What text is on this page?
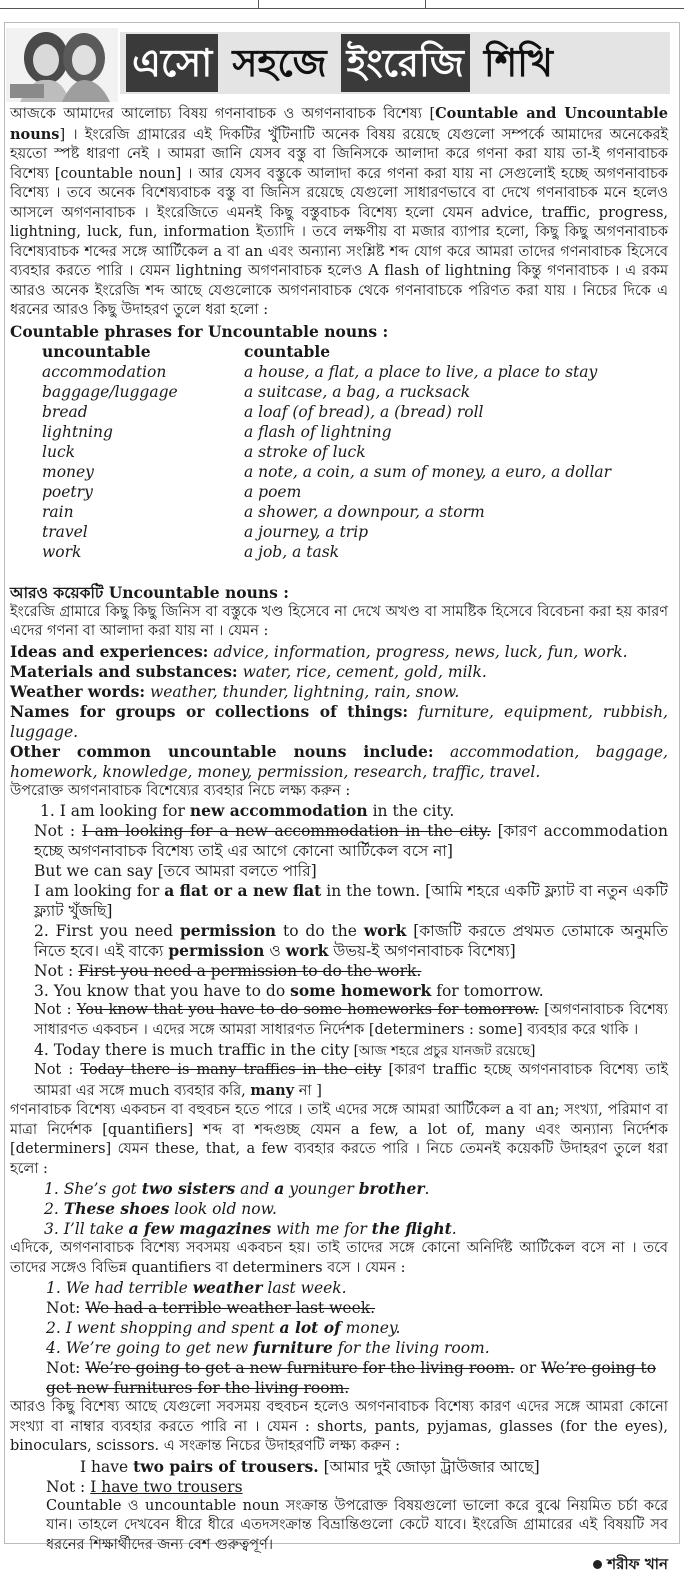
এসো সহজে ইংরেজি শিখি

আজকে আমাদের আলোচ্য বিষয় গণনাবাচক ও অগণনাবাচক বিশেষ্য [Countable and Uncountable nouns] । ইংরেজি গ্রামারের এই দিকটির খুঁটিনাটি অনেক বিষয় রয়েছে যেগুলো সম্পর্কে আমাদের অনেকেরই হয়তো স্পষ্ট ধারণা নেই । আমরা জানি যেসব বস্তু বা জিনিসকে আলাদা করে গণনা করা যায় তা-ই গণনাবাচক বিশেষ্য [countable noun] । আর যেসব বস্তুকে আলাদা করে গণনা করা যায় না সেগুলোই হচ্ছে অগণনাবাচক বিশেষ্য । তবে অনেক বিশেষ্যবাচক বস্তু বা জিনিস রয়েছে যেগুলো সাধারণভাবে বা দেখে গণনাবাচক মনে হলেও আসলে অগণনাবাচক । ইংরেজিতে এমনই কিছু বস্তুবাচক বিশেষ্য হলো যেমন advice, traffic, progress, lightning, luck, fun, information ইত্যাদি । তবে লক্ষণীয় বা মজার ব্যাপার হলো, কিছু কিছু অগণনাবাচক বিশেষ্যবাচক শব্দের সঙ্গে আর্টিকেল a বা an এবং অন্যান্য সংশ্লিষ্ট শব্দ যোগ করে আমরা তাদের গণনাবাচক হিসেবে ব্যবহার করতে পারি । যেমন lightning অগণনাবাচক হলেও A flash of lightning কিন্তু গণনাবাচক । এ রকম আরও অনেক ইংরেজি শব্দ আছে যেগুলোকে অগণনাবাচক থেকে গণনাবাচকে পরিণত করা যায় । নিচের দিকে এ ধরনের আরও কিছু উদাহরণ তুলে ধরা হলো :

Countable phrases for Uncountable nouns :
uncountable	countable
accommodation	a house, a flat, a place to live, a place to stay
baggage/luggage	a suitcase, a bag, a rucksack
bread	a loaf (of bread), a (bread) roll
lightning	a flash of lightning
luck	a stroke of luck
money	a note, a coin, a sum of money, a euro, a dollar
poetry	a poem
rain	a shower, a downpour, a storm
travel	a journey, a trip
work	a job, a task
আরও কয়েকটি Uncountable nouns :

ইংরেজি গ্রামারে কিছু কিছু জিনিস বা বস্তুকে খণ্ড হিসেবে না দেখে অখণ্ড বা সামষ্টিক হিসেবে বিবেচনা করা হয় কারণ এদের গণনা বা আলাদা করা যায় না । যেমন :

Ideas and experiences: advice, information, progress, news, luck, fun, work.

Materials and substances: water, rice, cement, gold, milk.

Weather words: weather, thunder, lightning, rain, snow.

Names for groups or collections of things: furniture, equipment, rubbish, luggage.

Other common uncountable nouns include: accommodation, baggage, homework, knowledge, money, permission, research, traffic, travel.

উপরোক্ত অগণনাবাচক বিশেষ্যের ব্যবহার নিচে লক্ষ্য করুন :

1. I am looking for new accommodation in the city.

Not : I am looking for a new accommodation in the city. [কারণ accommodation হচ্ছে অগণনাবাচক বিশেষ্য তাই এর আগে কোনো আর্টিকেল বসে না]

But we can say [তবে আমরা বলতে পারি]

I am looking for a flat or a new flat in the town. [আমি শহরে একটি ফ্ল্যাট বা নতুন একটি ফ্ল্যাট খুঁজছি]

2. First you need permission to do the work [কাজটি করতে প্রথমত তোমাকে অনুমতি নিতে হবে। এই বাক্যে permission ও work উভয়-ই অগণনাবাচক বিশেষ্য]

Not : First you need a permission to do the work.

3. You know that you have to do some homework for tomorrow.

Not : You know that you have to do some homeworks for tomorrow. [অগণনাবাচক বিশেষ্য সাধারণত একবচন । এদের সঙ্গে আমরা সাধারণত নির্দেশক [determiners : some] ব্যবহার করে থাকি ।

4. Today there is much traffic in the city [আজ শহরে প্রচুর যানজট রয়েছে]

Not : Today there is many traffics in the city [কারণ traffic হচ্ছে অগণনাবাচক বিশেষ্য তাই আমরা এর সঙ্গে much ব্যবহার করি, many না ]

গণনাবাচক বিশেষ্য একবচন বা বহুবচন হতে পারে । তাই এদের সঙ্গে আমরা আর্টিকেল a বা an; সংখ্যা, পরিমাণ বা মাত্রা নির্দেশক [quantifiers] শব্দ বা শব্দগুচ্ছ যেমন a few, a lot of, many এবং অন্যান্য নির্দেশক [determiners] যেমন these, that, a few ব্যবহার করতে পারি । নিচে তেমনই কয়েকটি উদাহরণ তুলে ধরা হলো :

1. She’s got two sisters and a younger brother.

2. These shoes look old now.

3. I’ll take a few magazines with me for the flight.

এদিকে, অগণনাবাচক বিশেষ্য সবসময় একবচন হয়। তাই তাদের সঙ্গে কোনো অনির্দিষ্ট আর্টিকেল বসে না । তবে তাদের সঙ্গেও বিভিন্ন quantifiers বা determiners বসে । যেমন :

1. We had terrible weather last week.

Not: We had a terrible weather last week.

2. I went shopping and spent a lot of money.

4. We’re going to get new furniture for the living room.

Not: We’re going to get a new furniture for the living room. or We’re going to get new furnitures for the living room.

আরও কিছু বিশেষ্য আছে যেগুলো সবসময় বহুবচন হলেও অগণনাবাচক বিশেষ্য কারণ এদের সঙ্গে আমরা কোনো সংখ্যা বা নাম্বার ব্যবহার করতে পারি না । যেমন : shorts, pants, pyjamas, glasses (for the eyes), binoculars, scissors. এ সংক্রান্ত নিচের উদাহরণটি লক্ষ্য করুন :

I have two pairs of trousers. [আমার দুই জোড়া ট্রাউজার আছে]

Not : I have two trousers

Countable ও uncountable noun সংক্রান্ত উপরোক্ত বিষয়গুলো ভালো করে বুঝে নিয়মিত চর্চা করে যান। তাহলে দেখবেন ধীরে ধীরে এতদসংক্রান্ত বিভ্রান্তিগুলো কেটে যাবে। ইংরেজি গ্রামারের এই বিষয়টি সব ধরনের শিক্ষার্থীদের জন্য বেশ গুরুত্বপূর্ণ।

শরীফ খান
